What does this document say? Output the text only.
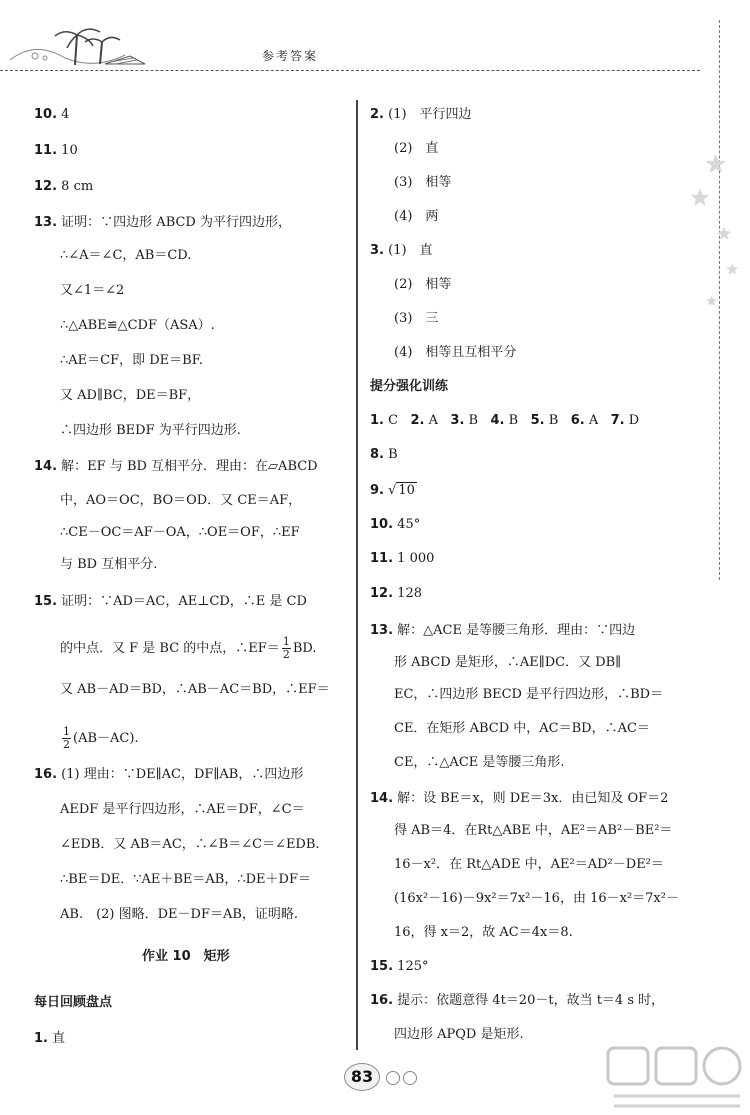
参考答案
★
★
★
★
★
10. 4
11. 10
12. 8 cm
13. 证明：∵四边形 ABCD 为平行四边形，
∴∠A＝∠C，AB＝CD.
又∠1＝∠2
∴△ABE≌△CDF（ASA）.
∴AE＝CF，即 DE＝BF.
又 AD∥BC，DE＝BF，
∴四边形 BEDF 为平行四边形.
14. 解：EF 与 BD 互相平分．理由：在▱ABCD
中，AO＝OC，BO＝OD．又 CE＝AF，
∴CE－OC＝AF－OA，∴OE＝OF，∴EF
与 BD 互相平分.
15. 证明：∵AD＝AC，AE⊥CD，∴E 是 CD
的中点．又 F 是 BC 的中点，∴EF＝ $\frac{1}{2}$ BD.
又 AB－AD＝BD，∴AB－AC＝BD，∴EF＝
$\frac{1}{2} (AB-AC)$.
16. (1) 理由：∵DE∥AC，DF∥AB，∴四边形
AEDF 是平行四边形，∴AE＝DF，∠C＝
∠EDB．又 AB＝AC，∴∠B＝∠C＝∠EDB.
∴BE＝DE．∵AE＋BE＝AB，∴DE＋DF＝
AB.　(2) 图略．DE－DF＝AB，证明略.
作业 10　矩形
每日回顾盘点
1. 直
2. (1)　平行四边
(2)　直
(3)　相等
(4)　两
3. (1)　直
(2)　相等
(3)　三
(4)　相等且互相平分
提分强化训练
1. C 2. A 3. B 4. B 5. B 6. A 7. D
8. B
9. √ 10
10. 45°
11. 1 000
12. 128
13. 解：△ACE 是等腰三角形．理由：∵四边
形 ABCD 是矩形，∴AE∥DC．又 DB∥
EC，∴四边形 BECD 是平行四边形，∴BD＝
CE．在矩形 ABCD 中，AC＝BD，∴AC＝
CE，∴△ACE 是等腰三角形.
14. 解：设 BE＝x，则 DE＝3x．由已知及 OF＝2
得 AB＝4．在Rt△ABE 中，AE²＝AB²－BE²＝
16－x²．在 Rt△ADE 中，AE²＝AD²－DE²＝
(16x²－16)－9x²＝7x²－16，由 16－x²＝7x²－
16，得 x＝2，故 AC＝4x＝8.
15. 125°
16. 提示：依题意得 4t＝20－t，故当 t＝4 s 时，
四边形 APQD 是矩形.
83
